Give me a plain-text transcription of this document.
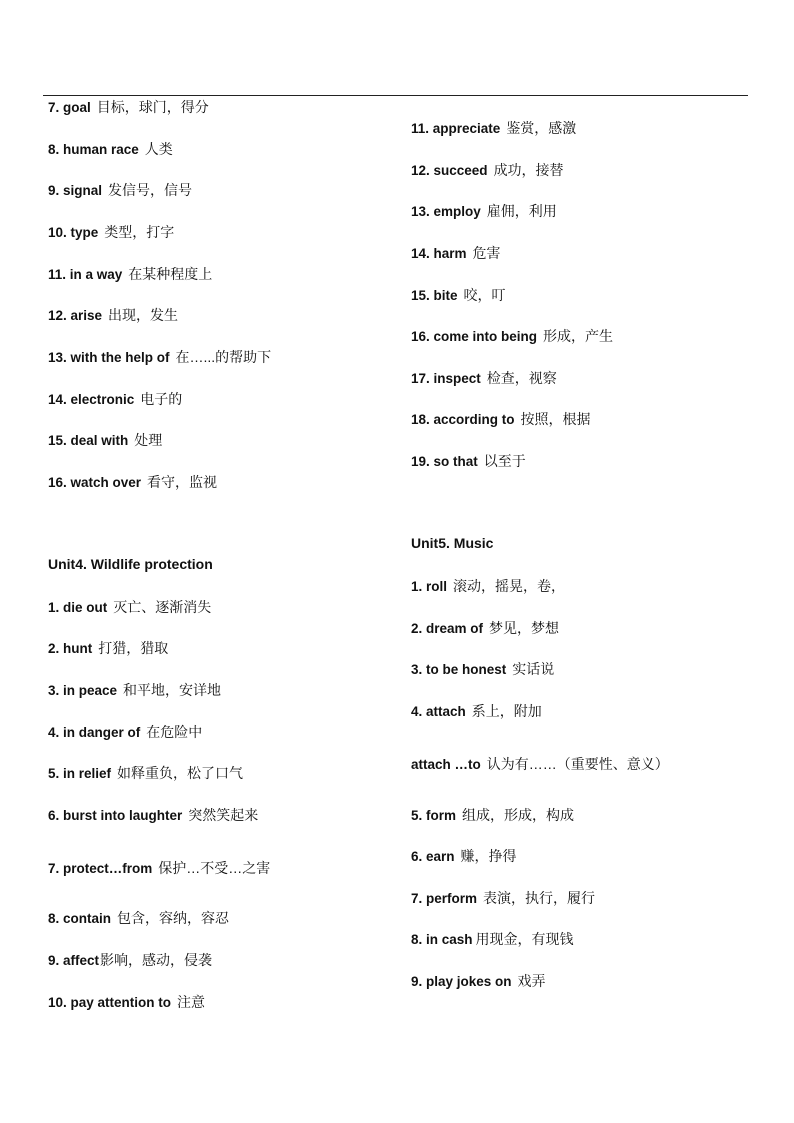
7. goal 目标，球门，得分
8. human race 人类
9. signal 发信号，信号
10. type 类型，打字
11. in a way 在某种程度上
12. arise 出现，发生
13. with the help of 在…...的帮助下
14. electronic 电子的
15. deal with 处理
16. watch over 看守，监视
Unit4. Wildlife protection
1. die out 灭亡、逐渐消失
2. hunt 打猎，猎取
3. in peace 和平地，安详地
4. in danger of 在危险中
5. in relief 如释重负，松了口气
6. burst into laughter 突然笑起来
7. protect…from 保护…不受…之害
8. contain 包含，容纳，容忍
9. affect影响，感动，侵袭
10. pay attention to 注意
11. appreciate 鉴赏，感激
12. succeed 成功，接替
13. employ 雇佣，利用
14. harm 危害
15. bite 咬，叮
16. come into being 形成，产生
17. inspect 检查，视察
18. according to 按照，根据
19. so that 以至于
Unit5. Music
1. roll 滚动，摇晃，卷，
2. dream of 梦见，梦想
3. to be honest 实话说
4. attach 系上，附加
attach …to 认为有……（重要性、意义）
5. form 组成，形成，构成
6. earn 赚，挣得
7. perform 表演，执行，履行
8. in cash 用现金，有现钱
9. play jokes on 戏弄
